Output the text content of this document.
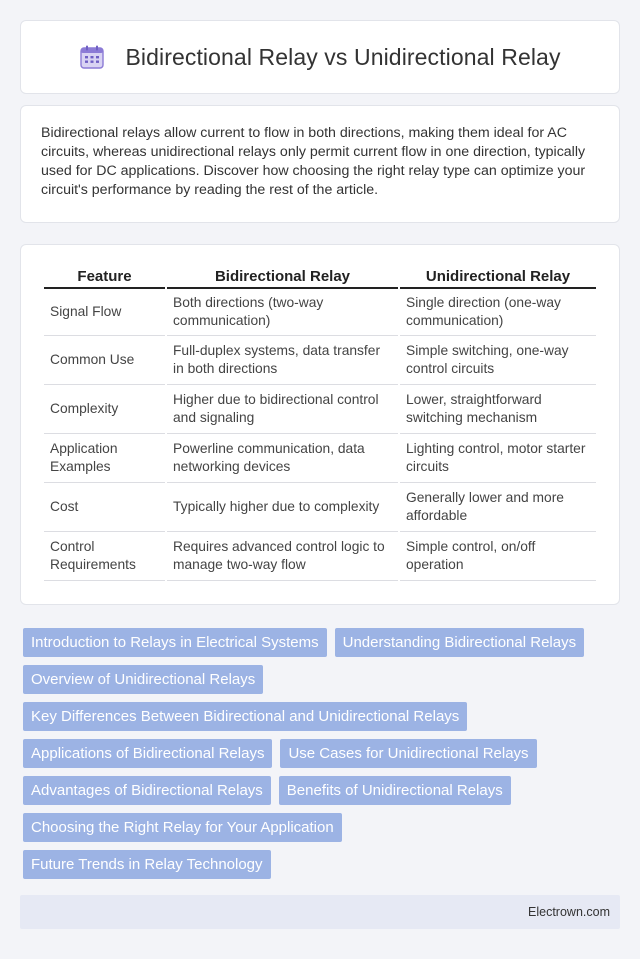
Bidirectional Relay vs Unidirectional Relay

Bidirectional relays allow current to flow in both directions, making them ideal for AC circuits, whereas unidirectional relays only permit current flow in one direction, typically used for DC applications. Discover how choosing the right relay type can optimize your circuit's performance by reading the rest of the article.

Feature	Bidirectional Relay	Unidirectional Relay
Signal Flow	Both directions (two-way communication)	Single direction (one-way communication)
Common Use	Full-duplex systems, data transfer in both directions	Simple switching, one-way control circuits
Complexity	Higher due to bidirectional control and signaling	Lower, straightforward switching mechanism
Application Examples	Powerline communication, data networking devices	Lighting control, motor starter circuits
Cost	Typically higher due to complexity	Generally lower and more affordable
Control Requirements	Requires advanced control logic to manage two-way flow	Simple control, on/off operation
Introduction to Relays in Electrical Systems	Understanding Bidirectional Relays
Overview of Unidirectional Relays
Key Differences Between Bidirectional and Unidirectional Relays
Applications of Bidirectional Relays	Use Cases for Unidirectional Relays
Advantages of Bidirectional Relays	Benefits of Unidirectional Relays
Choosing the Right Relay for Your Application
Future Trends in Relay Technology
Electrown.com
